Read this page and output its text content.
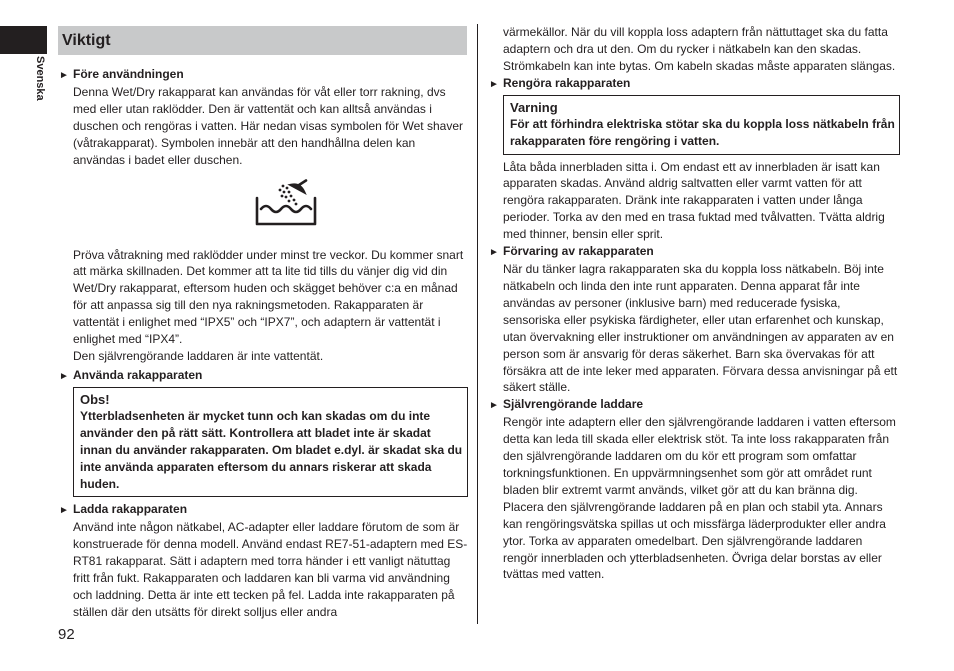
Svenska
Viktigt
► Före användningen

Denna Wet/Dry rakapparat kan användas för våt eller torr rakning, dvs med eller utan raklödder. Den är vattentät och kan alltså användas i duschen och rengöras i vatten. Här nedan visas symbolen för Wet shaver (våtrakapparat). Symbolen innebär att den handhållna delen kan användas i badet eller duschen.

Pröva våtrakning med raklödder under minst tre veckor. Du kommer snart att märka skillnaden. Det kommer att ta lite tid tills du vänjer dig vid din Wet/Dry rakapparat, eftersom huden och skägget behöver c:a en månad för att anpassa sig till den nya rakningsmetoden. Rakapparaten är vattentät i enlighet med “IPX5” och “IPX7”, och adaptern är vattentät i enlighet med “IPX4”.

Den självrengörande laddaren är inte vattentät.

► Använda rakapparaten
Obs!
Ytterbladsenheten är mycket tunn och kan skadas om du inte använder den på rätt sätt. Kontrollera att bladet inte är skadat innan du använder rakapparaten. Om bladet e.dyl. är skadat ska du inte använda apparaten eftersom du annars riskerar att skada huden.
► Ladda rakapparaten

Använd inte någon nätkabel, AC-adapter eller laddare förutom de som är konstruerade för denna modell. Använd endast RE7-51-adaptern med ES-RT81 rakapparat. Sätt i adaptern med torra händer i ett vanligt nätuttag fritt från fukt. Rakapparaten och laddaren kan bli varma vid användning och laddning. Detta är inte ett tecken på fel. Ladda inte rakapparaten på ställen där den utsätts för direkt solljus eller andra

värmekällor. När du vill koppla loss adaptern från nättuttaget ska du fatta adaptern och dra ut den. Om du rycker i nätkabeln kan den skadas. Strömkabeln kan inte bytas. Om kabeln skadas måste apparaten slängas.

► Rengöra rakapparaten
Varning
För att förhindra elektriska stötar ska du koppla loss nätkabeln från rakapparaten före rengöring i vatten.

Låta båda innerbladen sitta i. Om endast ett av innerbladen är isatt kan apparaten skadas. Använd aldrig saltvatten eller varmt vatten för att rengöra rakapparaten. Dränk inte rakapparaten i vatten under långa perioder. Torka av den med en trasa fuktad med tvålvatten. Tvätta aldrig med thinner, bensin eller sprit.

► Förvaring av rakapparaten

När du tänker lagra rakapparaten ska du koppla loss nätkabeln. Böj inte nätkabeln och linda den inte runt apparaten. Denna apparat får inte användas av personer (inklusive barn) med reducerade fysiska, sensoriska eller psykiska färdigheter, eller utan erfarenhet och kunskap, utan övervakning eller instruktioner om användningen av apparaten av en person som är ansvarig för deras säkerhet. Barn ska övervakas för att försäkra att de inte leker med apparaten. Förvara dessa anvisningar på ett säkert ställe.

► Självrengörande laddare

Rengör inte adaptern eller den självrengörande laddaren i vatten eftersom detta kan leda till skada eller elektrisk stöt. Ta inte loss rakapparaten från den självrengörande laddaren om du kör ett program som omfattar torkningsfunktionen. En uppvärmningsenhet som gör att området runt bladen blir extremt varmt används, vilket gör att du kan bränna dig.

Placera den självrengörande laddaren på en plan och stabil yta. Annars kan rengöringsvätska spillas ut och missfärga läderprodukter eller andra ytor. Torka av apparaten omedelbart. Den självrengörande laddaren rengör innerbladen och ytterbladsenheten. Övriga delar borstas av eller tvättas med vatten.

92
